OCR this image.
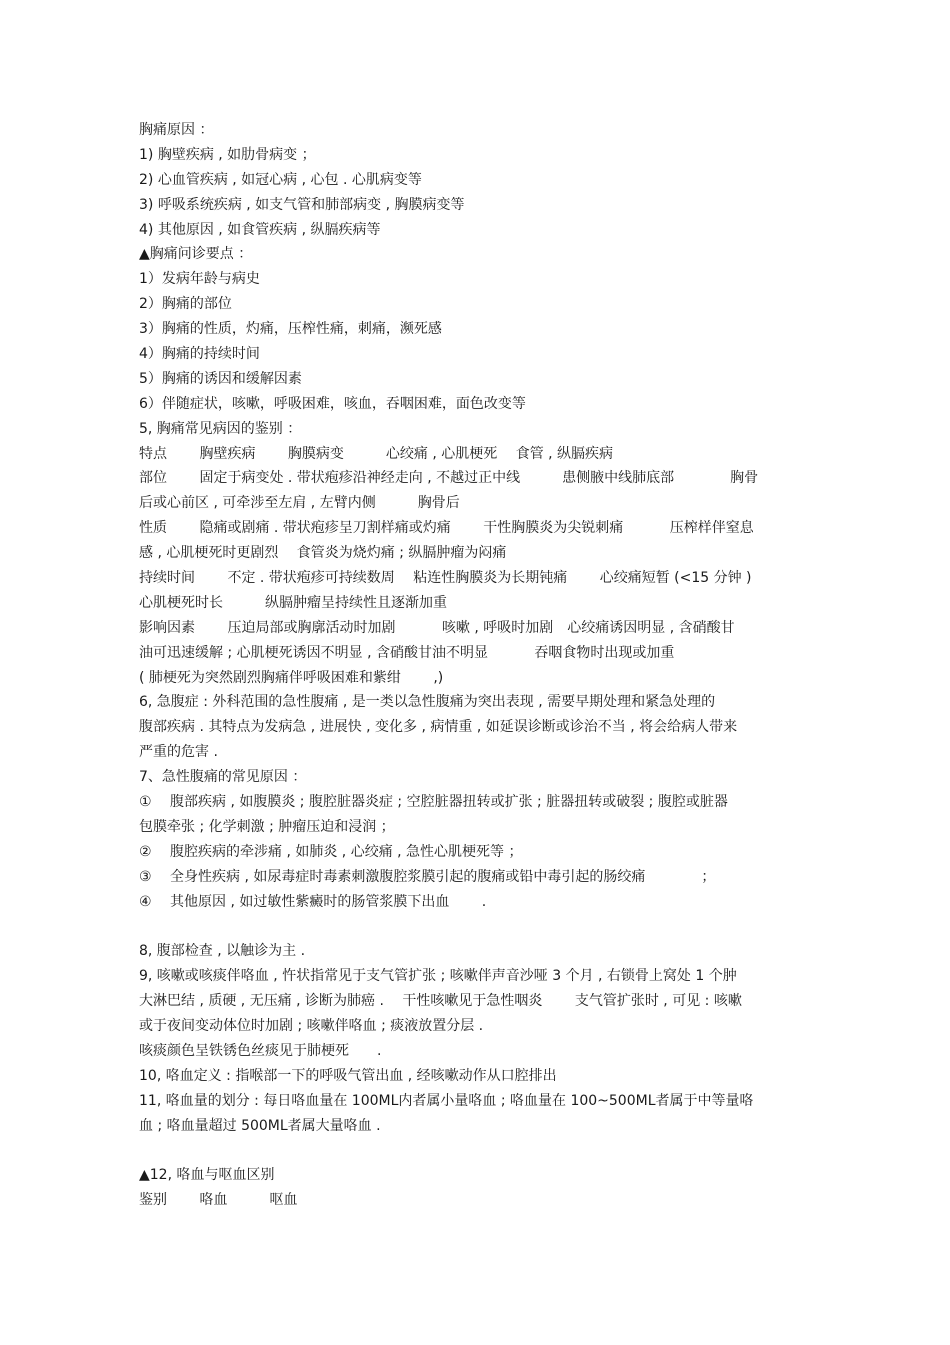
胸痛原因 ：
1) 胸壁疾病 , 如肋骨病变 ；
2) 心血管疾病 , 如冠心病 , 心包 . 心肌病变等
3) 呼吸系统疾病 , 如支气管和肺部病变 , 胸膜病变等
4) 其他原因 , 如食管疾病 , 纵膈疾病等
▲胸痛问诊要点 ：
1）发病年龄与病史
2）胸痛的部位
3）胸痛的性质，灼痛，压榨性痛，刺痛，濒死感
4）胸痛的持续时间
5）胸痛的诱因和缓解因素
6）伴随症状，咳嗽，呼吸困难，咳血，吞咽困难，面色改变等
5, 胸痛常见病因的鉴别 ：
特点　　 胸壁疾病　　 胸膜病变　　　心绞痛 , 心肌梗死　 食管 , 纵膈疾病
部位　　 固定于病变处 . 带状疱疹沿神经走向 , 不越过正中线　　　患侧腋中线肺底部　　　　胸骨
后或心前区 , 可牵涉至左肩 , 左臂内侧　　　胸骨后
性质　　 隐痛或剧痛 . 带状疱疹呈刀割样痛或灼痛　　 干性胸膜炎为尖锐刺痛　　　 压榨样伴窒息
感 , 心肌梗死时更剧烈　 食管炎为烧灼痛 ; 纵膈肿瘤为闷痛
持续时间　　 不定 . 带状疱疹可持续数周　 粘连性胸膜炎为长期钝痛　　 心绞痛短暂 (<15 分钟 )
心肌梗死时长　　　纵膈肿瘤呈持续性且逐渐加重
影响因素　　 压迫局部或胸廓活动时加剧　　　 咳嗽 , 呼吸时加剧　心绞痛诱因明显 , 含硝酸甘
油可迅速缓解 ; 心肌梗死诱因不明显 , 含硝酸甘油不明显　　　 吞咽食物时出现或加重
( 肺梗死为突然剧烈胸痛伴呼吸困难和紫绀　　 ,)
6, 急腹症 : 外科范围的急性腹痛 , 是一类以急性腹痛为突出表现 , 需要早期处理和紧急处理的
腹部疾病 . 其特点为发病急 , 进展快 , 变化多 , 病情重 , 如延误诊断或诊治不当 , 将会给病人带来
严重的危害 .
7、急性腹痛的常见原因 ：
①　 腹部疾病 , 如腹膜炎 ; 腹腔脏器炎症 ; 空腔脏器扭转或扩张 ; 脏器扭转或破裂 ; 腹腔或脏器
包膜牵张 ; 化学刺激 ; 肿瘤压迫和浸润 ；
②　 腹腔疾病的牵涉痛 , 如肺炎 , 心绞痛 , 急性心肌梗死等 ；
③　 全身性疾病 , 如尿毒症时毒素刺激腹腔浆膜引起的腹痛或铅中毒引起的肠绞痛　　　　；
④　 其他原因 , 如过敏性紫癜时的肠管浆膜下出血　　 .
8, 腹部检查 , 以触诊为主 .
9, 咳嗽或咳痰伴咯血 , 忤状指常见于支气管扩张 ; 咳嗽伴声音沙哑 3 个月 , 右锁骨上窝处 1 个肿
大淋巴结 , 质硬 , 无压痛 , 诊断为肺癌 .　 干性咳嗽见于急性咽炎　　 支气管扩张时 , 可见 : 咳嗽
或于夜间变动体位时加剧 ; 咳嗽伴咯血 ; 痰液放置分层 .
咳痰颜色呈铁锈色丝痰见于肺梗死　　.
10, 咯血定义 : 指喉部一下的呼吸气管出血 , 经咳嗽动作从口腔排出
11, 咯血量的划分 : 每日咯血量在 100ML内者属小量咯血 ; 咯血量在 100~500ML者属于中等量咯
血 ; 咯血量超过 500ML者属大量咯血 .
▲12, 咯血与呕血区别
鉴别　　 咯血　　　呕血
